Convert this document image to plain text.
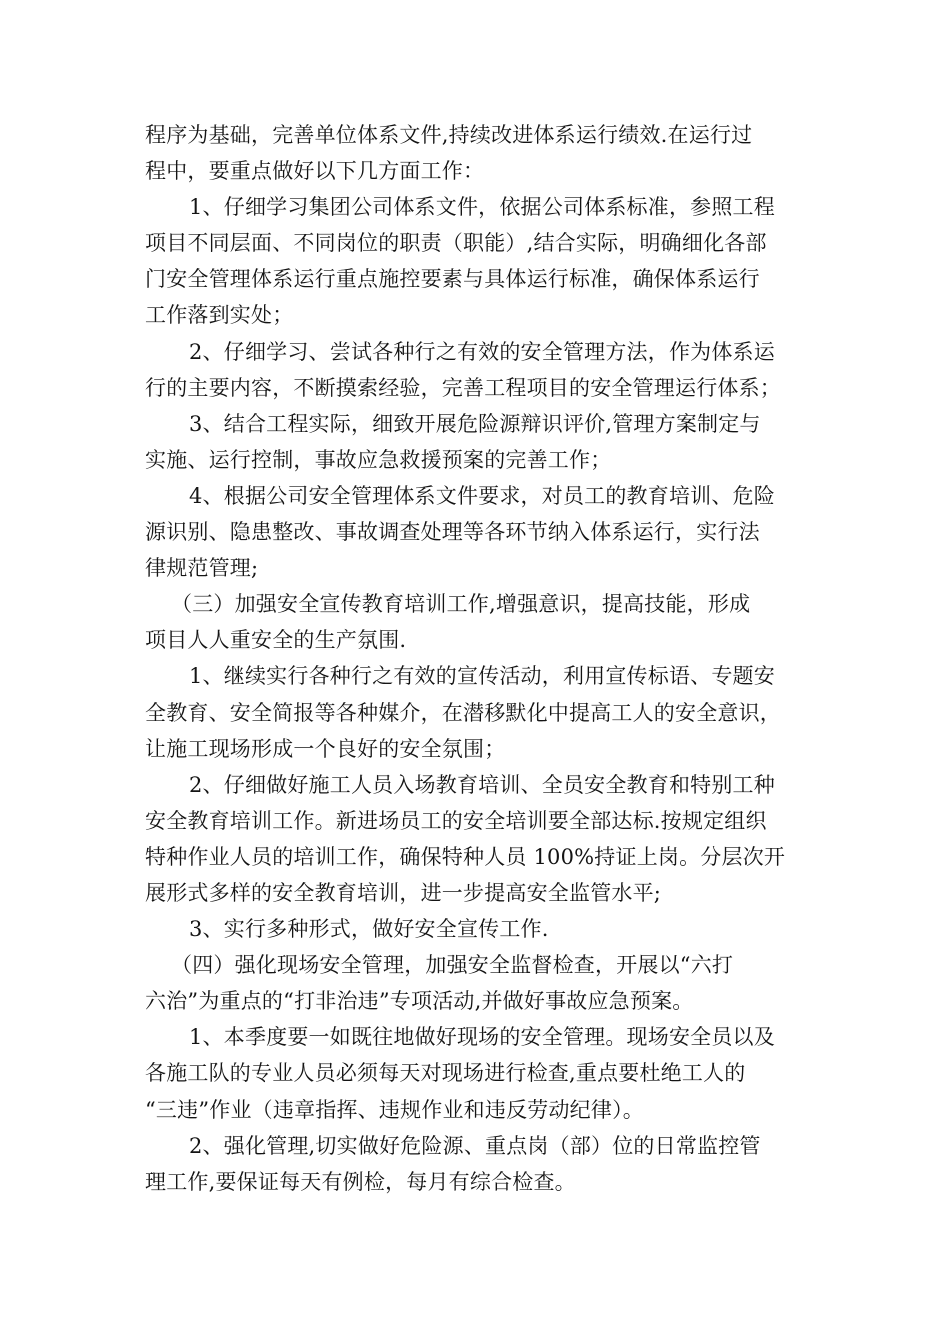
程序为基础，完善单位体系文件,持续改进体系运行绩效.在运行过
程中，要重点做好以下几方面工作：
1、仔细学习集团公司体系文件，依据公司体系标准，参照工程
项目不同层面、不同岗位的职责（职能）,结合实际，明确细化各部
门安全管理体系运行重点施控要素与具体运行标准，确保体系运行
工作落到实处；
2、仔细学习、尝试各种行之有效的安全管理方法，作为体系运
行的主要内容，不断摸索经验，完善工程项目的安全管理运行体系；
3、结合工程实际，细致开展危险源辩识评价,管理方案制定与
实施、运行控制，事故应急救援预案的完善工作；
4、根据公司安全管理体系文件要求，对员工的教育培训、危险
源识别、隐患整改、事故调查处理等各环节纳入体系运行，实行法
律规范管理;
（三）加强安全宣传教育培训工作,增强意识，提高技能，形成
项目人人重安全的生产氛围.
1、继续实行各种行之有效的宣传活动，利用宣传标语、专题安
全教育、安全简报等各种媒介，在潜移默化中提高工人的安全意识，
让施工现场形成一个良好的安全氛围；
2、仔细做好施工人员入场教育培训、全员安全教育和特别工种
安全教育培训工作。新进场员工的安全培训要全部达标.按规定组织
特种作业人员的培训工作，确保特种人员 100%持证上岗。分层次开
展形式多样的安全教育培训，进一步提高安全监管水平;
3、实行多种形式，做好安全宣传工作.
（四）强化现场安全管理，加强安全监督检查，开展以“六打
六治”为重点的“打非治违”专项活动,并做好事故应急预案。
1、本季度要一如既往地做好现场的安全管理。现场安全员以及
各施工队的专业人员必须每天对现场进行检查,重点要杜绝工人的
“三违”作业（违章指挥、违规作业和违反劳动纪律）。
2、强化管理,切实做好危险源、重点岗（部）位的日常监控管
理工作,要保证每天有例检，每月有综合检查。
